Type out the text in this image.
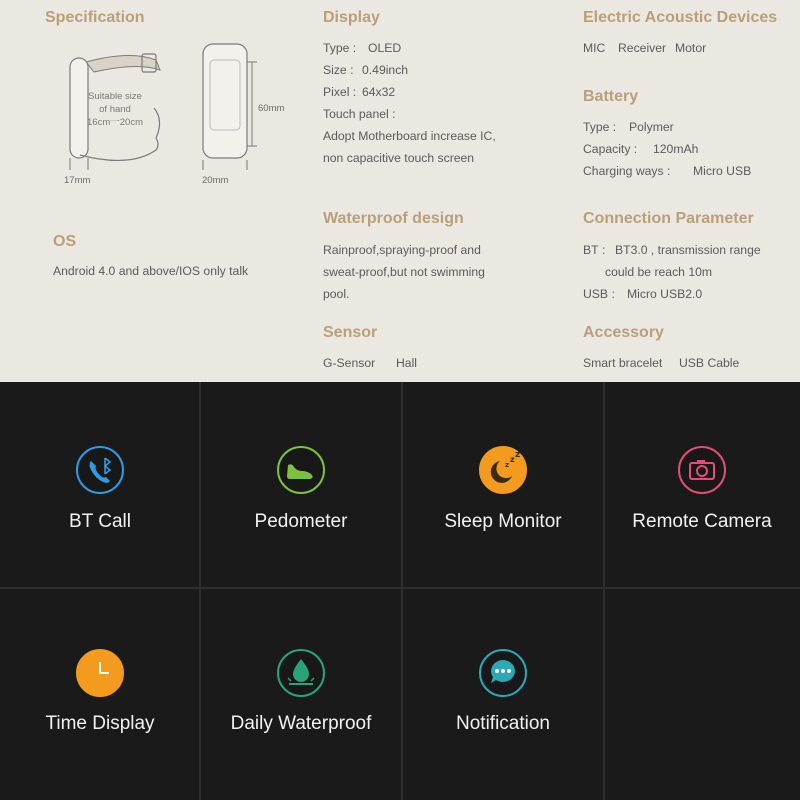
Specification
Suitable size
of hand
16cm一20cm
17mm
60mm
20mm
OS
Android 4.0 and above/IOS only talk
Display
Type : OLED
Size : 0.49inch
Pixel : 64x32
Touch panel :
Adopt Motherboard increase IC,
non capacitive touch screen
Waterproof design
Rainproof,spraying-proof and
sweat-proof,but not swimming
pool.
Sensor
G-Sensor Hall
Electric Acoustic Devices
MIC Receiver Motor
Battery
Type : Polymer
Capacity : 120mAh
Charging ways : Micro USB
Connection Parameter
BT : BT3.0 , transmission range
could be reach 10m
USB : Micro USB2.0
Accessory
Smart bracelet USB Cable
BT Call	Pedometer
z
z z
Sleep Monitor	Remote Camera
Time Display	Daily Waterproof	Notification
